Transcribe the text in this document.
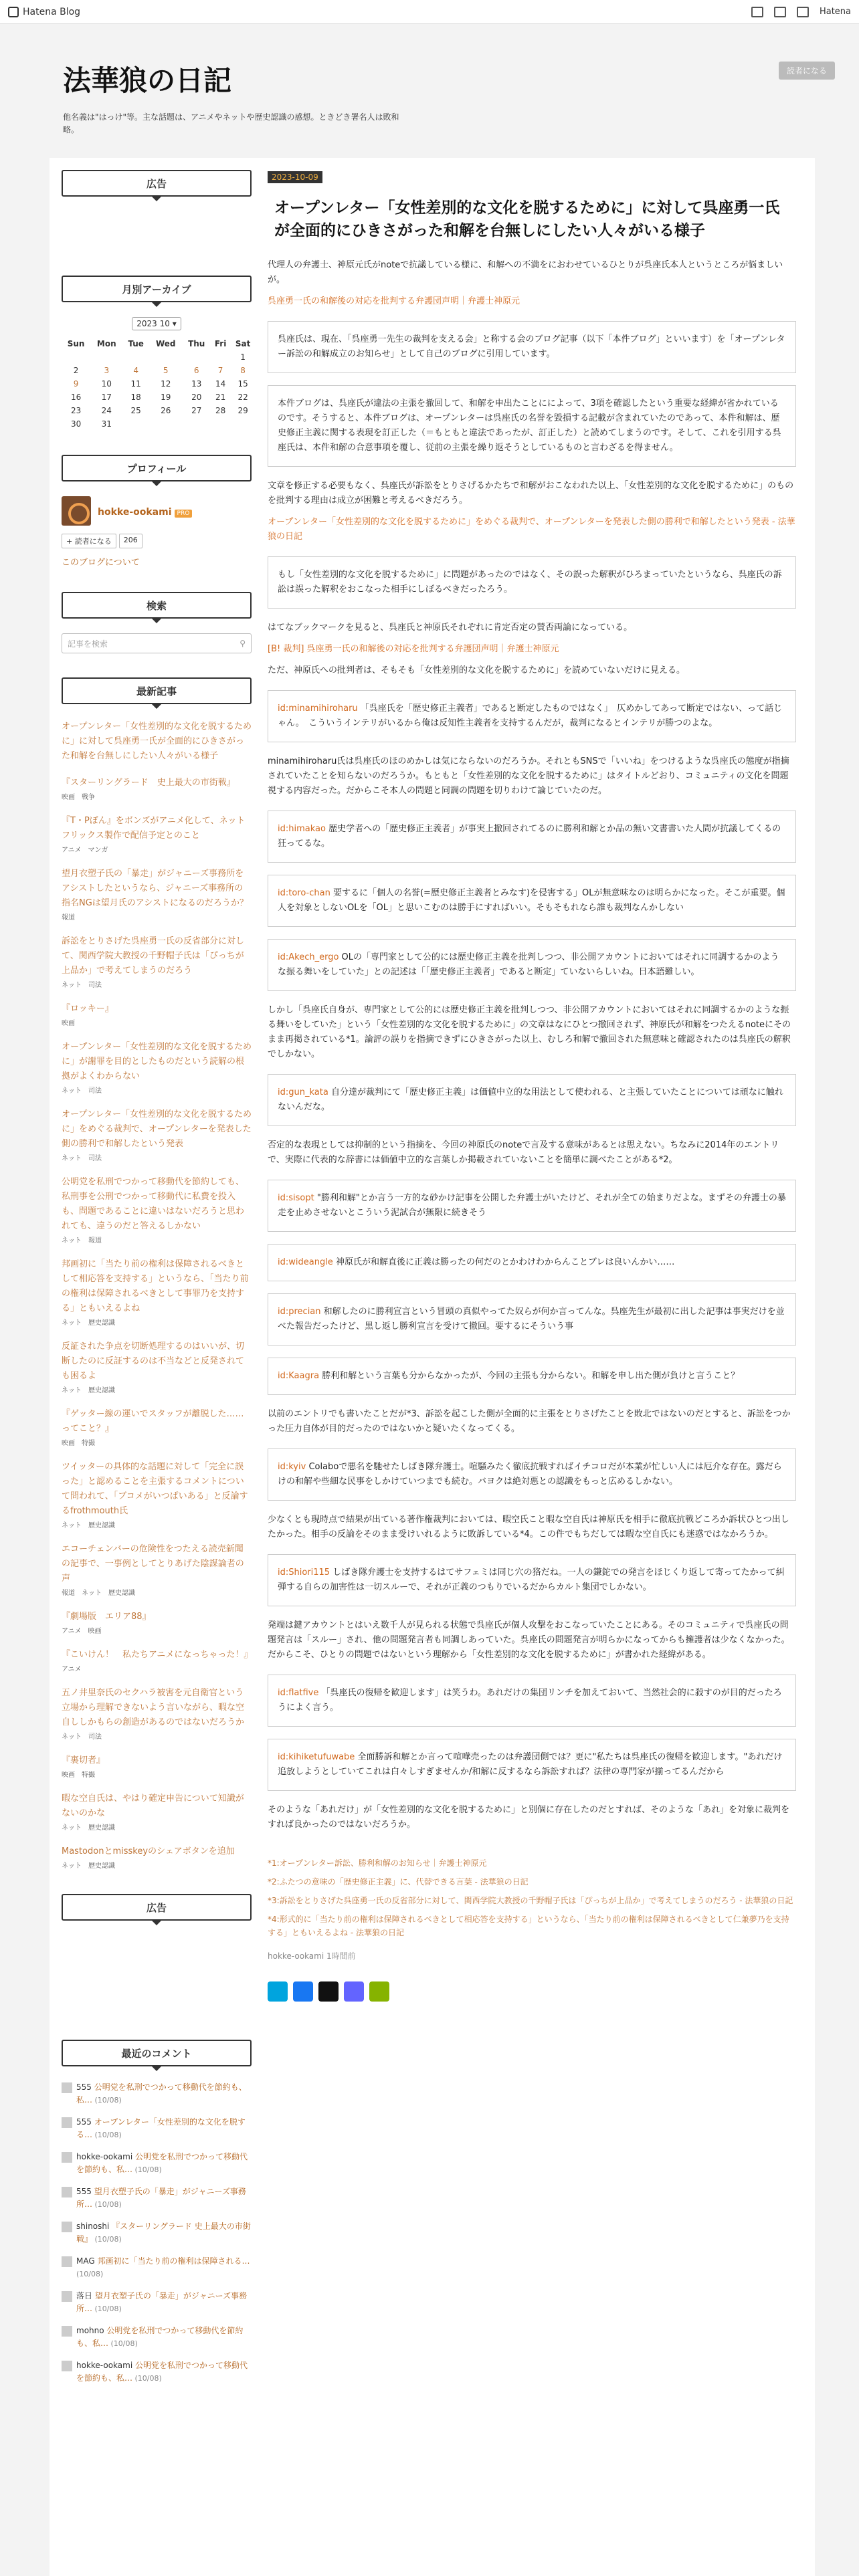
Hatena Blog	Hatena
法華狼の日記
他名義は"はっけ"等。主な話題は、アニメやネットや歴史認識の感想。ときどき署名人は敗和略。
読者になる
広告
月別アーカイブ
2023 10 ▾
Sun	Mon	Tue	Wed	Thu	Fri	Sat
						1
2	3	4	5	6	7	8
9	10	11	12	13	14	15
16	17	18	19	20	21	22
23	24	25	26	27	28	29
30	31					
プロフィール
hokke-ookami PRO
+ 読者になる	206
このブログについて
検索
記事を検索	⚲
最新記事
オープンレター「女性差別的な文化を脱するために」に対して呉座勇一氏が全面的にひきさがった和解を台無しにしたい人々がいる様子
『スターリングラード　史上最大の市街戦』
映画　戦争
『T・Pぼん』をボンズがアニメ化して、ネットフリックス製作で配信予定とのこと
アニメ　マンガ
望月衣塑子氏の「暴走」がジャニーズ事務所をアシストしたというなら、ジャニーズ事務所の指名NGは望月氏のアシストになるのだろうか？
報道
訴訟をとりさげた呉座勇一氏の反省部分に対して、関西学院大教授の千野帽子氏は「ぴっちが上品か」で考えてしまうのだろう
ネット　司法
『ロッキー』
映画
オープンレター「女性差別的な文化を脱するために」が謝罪を目的としたものだという読解の根拠がよくわからない
ネット　司法
オープンレター「女性差別的な文化を脱するために」をめぐる裁判で、オープンレターを発表した側の勝利で和解したという発表
ネット　司法
公明党を私刑でつかって移動代を節約しても、私刑事を公刑でつかって移動代に私費を投入も、問題であることに違いはないだろうと思われても、違うのだと答えるしかない
ネット　報道
邦画初に「当たり前の権利は保障されるべきとして相応答を支持する」というなら、「当たり前の権利は保障されるべきとして事罪乃を支持する」ともいえるよね
ネット　歴史認識
反証された争点を切断処理するのはいいが、切断したのに反証するのは不当などと反発されても困るよ
ネット　歴史認識
『ゲッター線の運いでスタッフが離脱した……ってこと？』
映画　特撮
ツイッターの具体的な話題に対して「完全に誤った」と認めることを主張するコメントについて問われて、「ブコメがいつぱいある」と反論するfrothmouth氏
ネット　歴史認識
エコーチェンバーの危険性をつたえる読売新聞の記事で、一事例としてとりあげた陰謀論者の声
報道　ネット　歴史認識
『劇場版　エリア88』
アニメ　映画
『こいけん！　私たちアニメになっちゃった！』
アニメ
五ノ井里奈氏のセクハラ被害を元自衛官という立場から理解できないよう言いながら、暇な空自ししかもらの創造があるのではないだろうか
ネット　司法
『裏切者』
映画　特撮
暇な空自氏は、やはり確定申告について知識がないのかな
ネット　歴史認識
Mastodonとmisskeyのシェアボタンを追加
ネット　歴史認識
広告
最近のコメント
555 公明党を私刑でつかって移動代を節約も、私… (10/08)
555 オープンレター「女性差別的な文化を脱する… (10/08)
hokke-ookami 公明党を私刑でつかって移動代を節約も、私… (10/08)
555 望月衣塑子氏の「暴走」がジャニーズ事務所… (10/08)
shinoshi 『スターリングラード 史上最大の市街戦』 (10/08)
MAG 邦画初に「当たり前の権利は保障される… (10/08)
落日 望月衣塑子氏の「暴走」がジャニーズ事務所… (10/08)
mohno 公明党を私刑でつかって移動代を節約も、私… (10/08)
hokke-ookami 公明党を私刑でつかって移動代を節約も、私… (10/08)
2023-10-09
オープンレター「女性差別的な文化を脱するために」に対して呉座勇一氏が全面的にひきさがった和解を台無しにしたい人々がいる様子

代理人の弁護士、神原元氏がnoteで抗議している様に、和解への不満をにおわせているひとりが呉座氏本人というところが悩ましいが。

呉座勇一氏の和解後の対応を批判する弁護団声明｜弁護士神原元

呉座氏は、現在、「呉座勇一先生の裁判を支える会」と称する会のブログ記事（以下「本件ブログ」といいます）を「オープンレター訴訟の和解成立のお知らせ」として自己のブログに引用しています。
本件ブログは、呉座氏が違法の主張を撤回して、和解を申出たことにによって、3項を確認したという重要な経緯が省かれているのです。そうすると、本件ブログは、オープンレターは呉座氏の名誉を毀損する記載が含まれていたのであって、本件和解は、歴史修正主義に関する表現を訂正した（＝もともと違法であったが、訂正した）と読めてしまうのです。そして、これを引用する呉座氏は、本件和解の合意事項を覆し、従前の主張を繰り返そうとしているものと言わざるを得ません。

文章を修正する必要もなく、呉座氏が訴訟をとりさげるかたちで和解がおこなわれた以上、「女性差別的な文化を脱するために」のものを批判する理由は成立が困難と考えるべきだろう。

オープンレター「女性差別的な文化を脱するために」をめぐる裁判で、オープンレターを発表した側の勝利で和解したという発表 - 法華狼の日記

もし「女性差別的な文化を脱するために」に問題があったのではなく、その誤った解釈がひろまっていたというなら、呉座氏の訴訟は誤った解釈をおこなった相手にしぼるべきだったろう。

はてなブックマークを見ると、呉座氏と神原氏それぞれに肯定否定の賛否両論になっている。

[B! 裁判] 呉座勇一氏の和解後の対応を批判する弁護団声明｜弁護士神原元

ただ、神原氏への批判者は、そもそも「女性差別的な文化を脱するために」を読めていないだけに見える。

id:minamihiroharu 「呉座氏を「歴史修正主義者」であると断定したものではなく」　仄めかしてあって断定ではない、って話じゃん。　こういうインテリがいるから俺は反知性主義者を支持するんだが，裁判になるとインテリが勝つのよな。

minamihiroharu氏は呉座氏のほのめかしは気にならないのだろうか。それともSNSで「いいね」をつけるような呉座氏の態度が指摘されていたことを知らないのだろうか。もともと「女性差別的な文化を脱するために」はタイトルどおり、コミュニティの文化を問題視する内容だった。だからこそ本人の問題と同調の問題を切りわけて論じていたのだ。

id:himakao 歴史学者への「歴史修正主義者」が事実上撤回されてるのに勝利和解とか品の無い文書書いた人間が抗議してくるの狂ってるな。
id:toro-chan 要するに「個人の名誉(=歴史修正主義者とみなす)を侵害する」OLが無意味なのは明らかになった。そこが重要。個人を対象としないOLを「OL」と思いこむのは勝手にすればいい。そもそもれなら誰も裁判なんかしない
id:Akech_ergo OLの「専門家として公的には歴史修正主義を批判しつつ、非公開アカウントにおいてはそれに同調するかのような振る舞いをしていた」との記述は「「歴史修正主義者」であると断定」ていないらしいね。日本語難しい。

しかし「呉座氏自身が、専門家として公的には歴史修正主義を批判しつつ、非公開アカウントにおいてはそれに同調するかのような振る舞いをしていた」という「女性差別的な文化を脱するために」の文章はなにひとつ撤回されず、神原氏が和解をつたえるnoteにそのまま再掲されている*1。論評の誤りを指摘できずにひきさがった以上、むしろ和解で撤回された無意味と確認されたのは呉座氏の解釈でしかない。

id:gun_kata 自分達が裁判にて「歴史修正主義」は価値中立的な用法として使われる、と主張していたことについては頑なに触れないんだな。

否定的な表現としては抑制的という指摘を、今回の神原氏のnoteで言及する意味があるとは思えない。ちなみに2014年のエントリで、実際に代表的な辞書には価値中立的な言葉しか掲載されていないことを簡単に調べたことがある*2。

id:sisopt "勝利和解"とか言う一方的な砂かけ記事を公開した弁護士がいたけど、それが全ての始まりだよな。まずその弁護士の暴走を止めさせないとこういう泥試合が無限に続きそう
id:wideangle 神原氏が和解直後に正義は勝ったの何だのとかわけわからんことブレは良いんかい……
id:precian 和解したのに勝利宣言という冒頭の真似やってた奴らが何か言ってんな。呉座先生が最初に出した記事は事実だけを並べた報告だったけど、黒し返し勝利宣言を受けて撤回。要するにそういう事
id:Kaagra 勝利和解という言葉も分からなかったが、今回の主張も分からない。和解を申し出た側が負けと言うこと？

以前のエントリでも書いたことだが*3、訴訟を起こした側が全面的に主張をとりさげたことを敗北ではないのだとすると、訴訟をつかった圧力自体が目的だったのではないかと疑いたくなってくる。

id:kyiv Colaboで悪名を馳せたしばき隊弁護士。喧騒みたく徹底抗戦すればイチコロだが本業が忙しい人には厄介な存在。露だらけの和解や些細な民事をしかけていつまでも続む。バヨクは絶対悪との認識をもっと広めるしかない。

少なくとも現時点で結果が出ている著作権裁判においては、暇空氏こと暇な空自氏は神原氏を相手に徹底抗戦どころか訴状ひとつ出したかった。相手の反論をそのまま受けいれるように敗訴している*4。この件でもちだしては暇な空自氏にも迷惑ではなかろうか。

id:Shiori115 しばき隊弁護士を支持するはてサフェミは同じ穴の狢だね。一人の鎌鉈での発言をほじくり返して寄ってたかって糾弾する自らの加害性は一切スルーで、それが正義のつもりでいるだからカルト集団でしかない。

発端は鍵アカウントとはいえ数千人が見られる状態で呉座氏が個人攻撃をおこなっていたことにある。そのコミュニティで呉座氏の問題発言は「スルー」され、他の問題発言者も同調しあっていた。呉座氏の問題発言が明らかになってからも擁護者は少なくなかった。だからこそ、ひとりの問題ではないという理解から「女性差別的な文化を脱するために」が書かれた経緯がある。

id:flatfive 「呉座氏の復帰を歓迎します」は笑うわ。あれだけの集団リンチを加えておいて、当然社会的に殺すのが目的だったろうによく言う。
id:kihiketufuwabe 全面勝訴和解とか言って喧嘩売ったのは弁護団側では？更に"私たちは呉座氏の復帰を歓迎します。"あれだけ追放しようとしていてこれは白々しすぎませんか/和解に反するなら訴訟すれば？法律の専門家が揃ってるんだから

そのような「あれだけ」が「女性差別的な文化を脱するために」と別個に存在したのだとすれば、そのような「あれ」を対象に裁判をすれば良かったのではないだろうか。

*1:オープンレター訴訟、勝利和解のお知らせ｜弁護士神原元
*2:ふたつの意味の「歴史修正主義」に、代替できる言葉 - 法華狼の日記
*3:訴訟をとりさげた呉座勇一氏の反省部分に対して、関西学院大教授の千野帽子氏は「ぴっちが上品か」で考えてしまうのだろう - 法華狼の日記
*4:形式的に「当たり前の権利は保障されるべきとして相応答を支持する」というなら、「当たり前の権利は保障されるべきとして仁兼夢乃を支持する」ともいえるよね - 法華狼の日記
hokke-ookami 1時間前
